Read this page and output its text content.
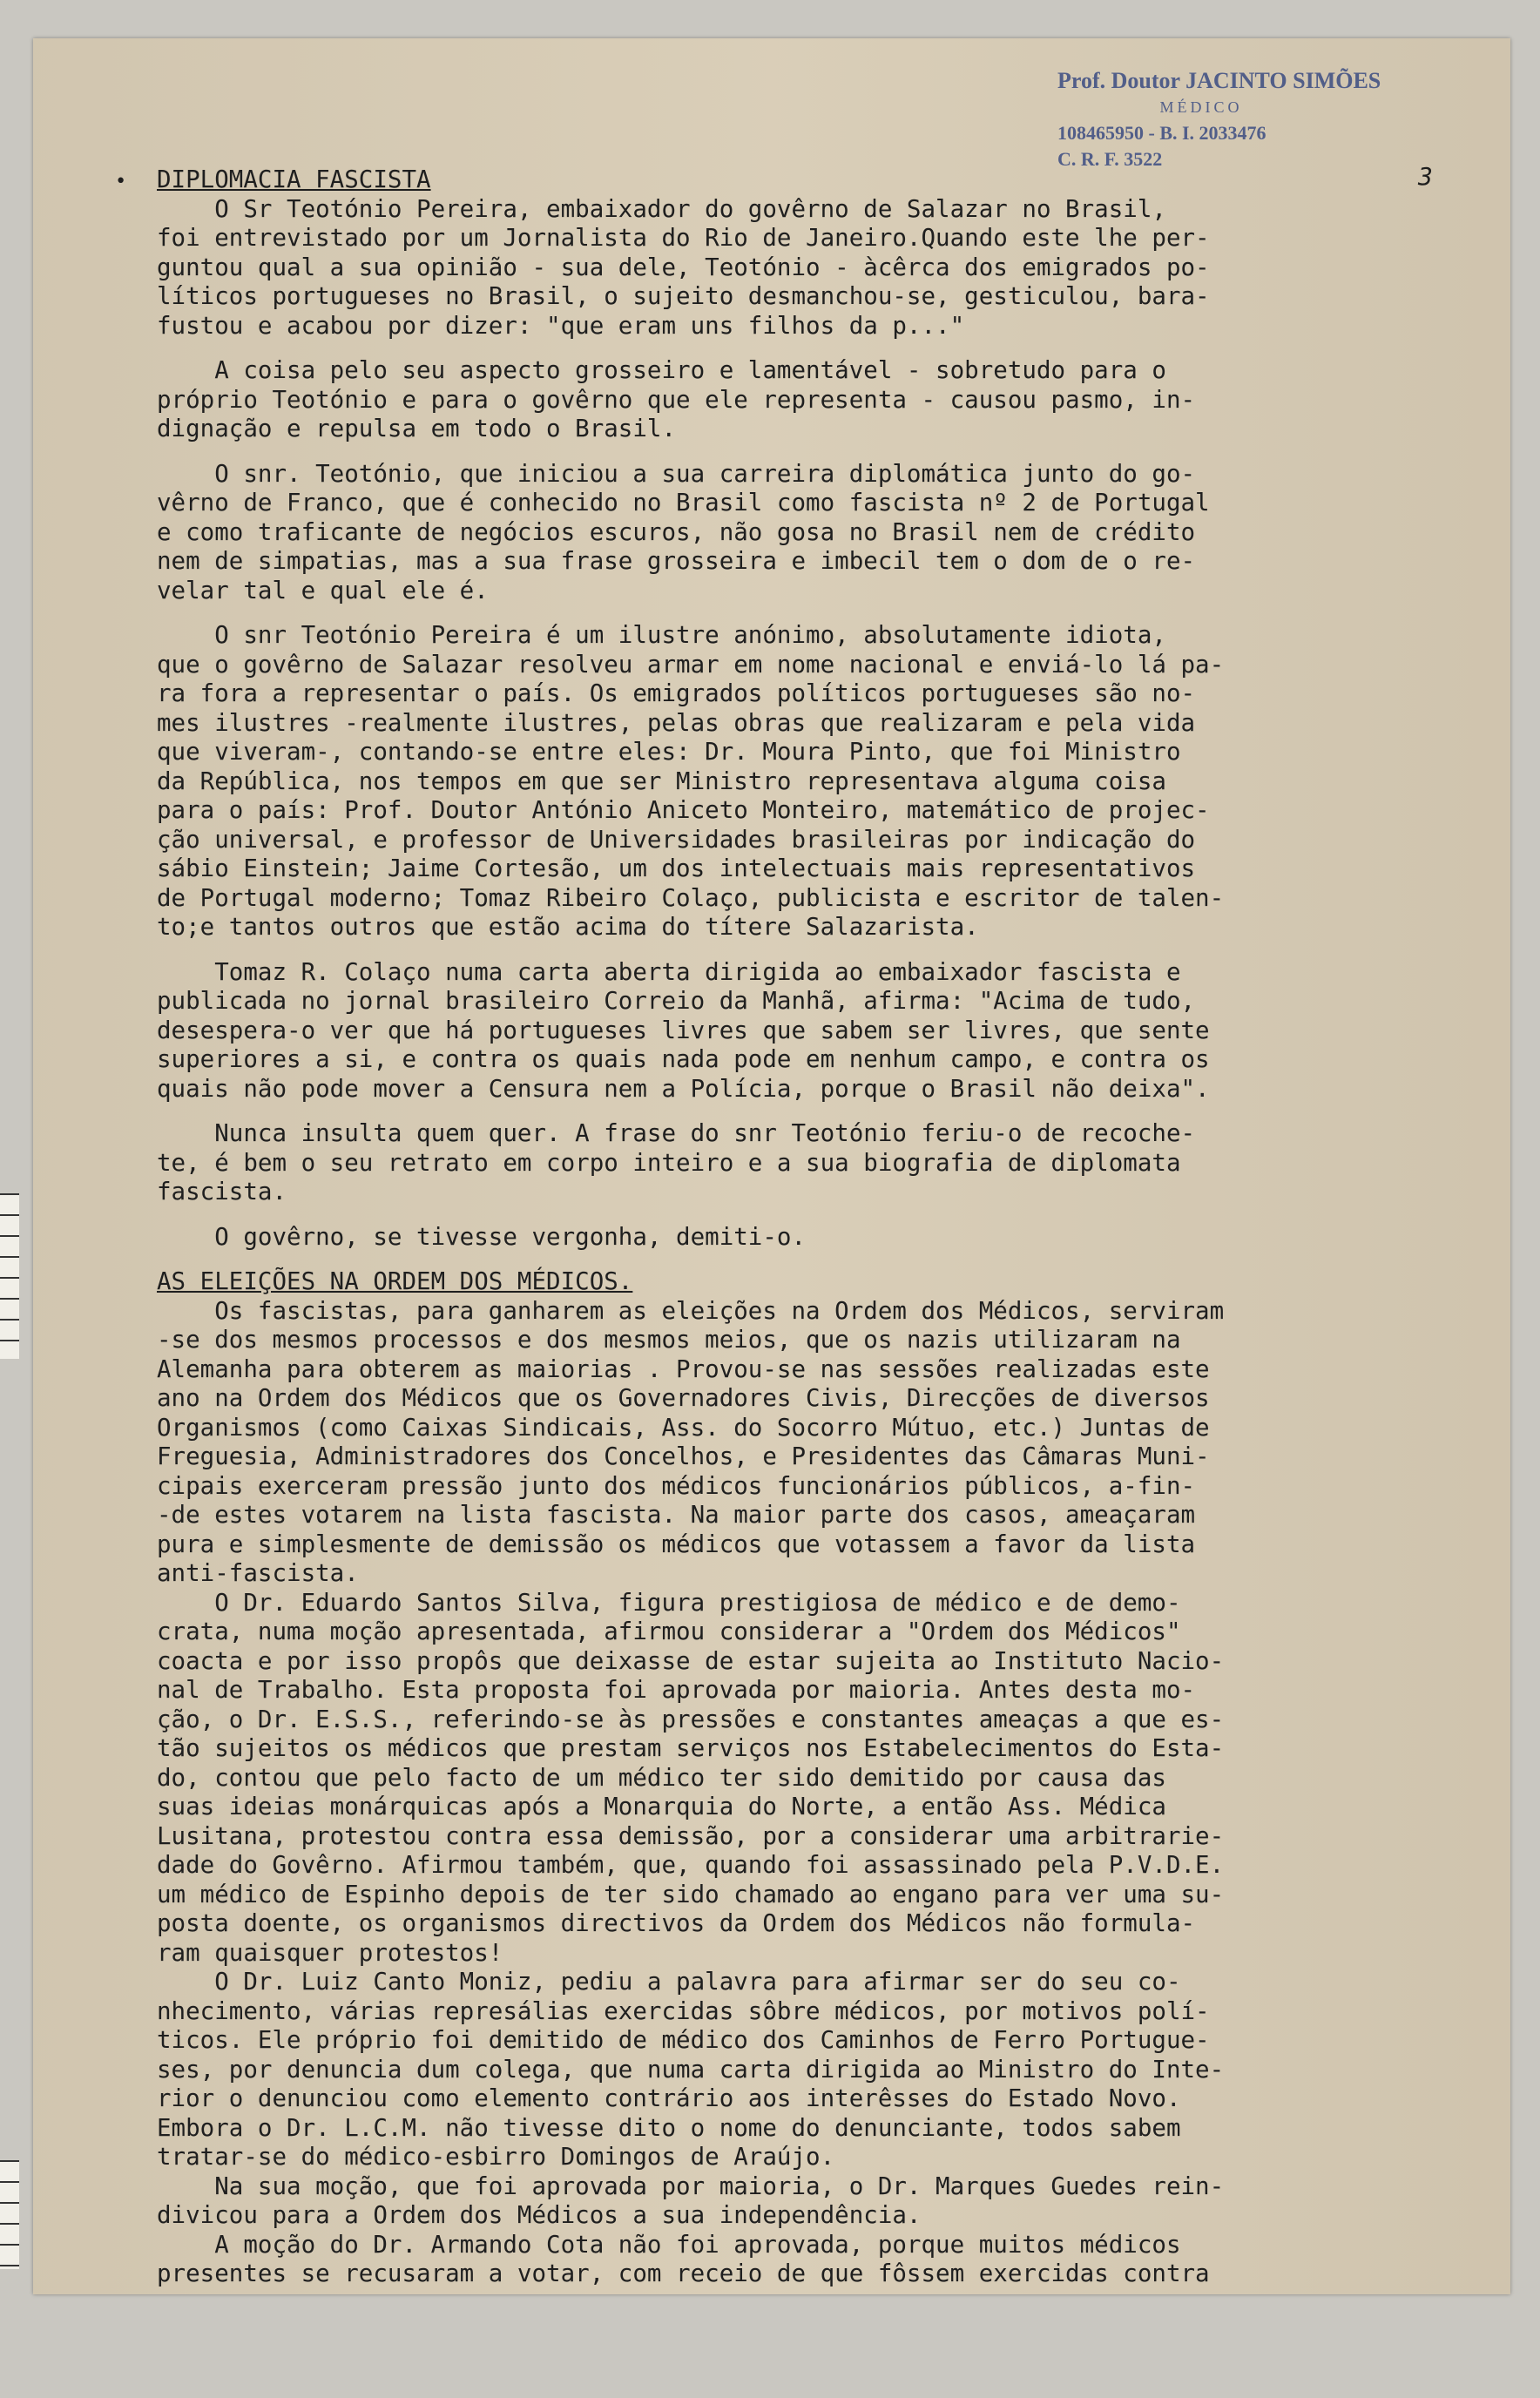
Prof. Doutor JACINTO SIMÕES
MÉDICO
108465950 - B. I. 2033476
C. R. F. 3522
•	3
DIPLOMACIA FASCISTA

O Sr Teotónio Pereira, embaixador do govêrno de Salazar no Brasil,
foi entrevistado por um Jornalista do Rio de Janeiro.Quando este lhe per-
guntou qual a sua opinião - sua dele, Teotónio - àcêrca dos emigrados po-
líticos portugueses no Brasil, o sujeito desmanchou-se, gesticulou, bara-
fustou e acabou por dizer: "que eram uns filhos da p..."

A coisa pelo seu aspecto grosseiro e lamentável - sobretudo para o
próprio Teotónio e para o govêrno que ele representa - causou pasmo, in-
dignação e repulsa em todo o Brasil.

O snr. Teotónio, que iniciou a sua carreira diplomática junto do go-
vêrno de Franco, que é conhecido no Brasil como fascista nº 2 de Portugal
e como traficante de negócios escuros, não gosa no Brasil nem de crédito
nem de simpatias, mas a sua frase grosseira e imbecil tem o dom de o re-
velar tal e qual ele é.

O snr Teotónio Pereira é um ilustre anónimo, absolutamente idiota,
que o govêrno de Salazar resolveu armar em nome nacional e enviá-lo lá pa-
ra fora a representar o país. Os emigrados políticos portugueses são no-
mes ilustres -realmente ilustres, pelas obras que realizaram e pela vida
que viveram-, contando-se entre eles: Dr. Moura Pinto, que foi Ministro
da República, nos tempos em que ser Ministro representava alguma coisa
para o país: Prof. Doutor António Aniceto Monteiro, matemático de projec-
ção universal, e professor de Universidades brasileiras por indicação do
sábio Einstein; Jaime Cortesão, um dos intelectuais mais representativos
de Portugal moderno; Tomaz Ribeiro Colaço, publicista e escritor de talen-
to;e tantos outros que estão acima do títere Salazarista.

Tomaz R. Colaço numa carta aberta dirigida ao embaixador fascista e
publicada no jornal brasileiro Correio da Manhã, afirma: "Acima de tudo,
desespera-o ver que há portugueses livres que sabem ser livres, que sente
superiores a si, e contra os quais nada pode em nenhum campo, e contra os
quais não pode mover a Censura nem a Polícia, porque o Brasil não deixa".

Nunca insulta quem quer. A frase do snr Teotónio feriu-o de recoche-
te, é bem o seu retrato em corpo inteiro e a sua biografia de diplomata
fascista.

O govêrno, se tivesse vergonha, demiti-o.

AS ELEIÇÕES NA ORDEM DOS MÉDICOS.

Os fascistas, para ganharem as eleições na Ordem dos Médicos, serviram
-se dos mesmos processos e dos mesmos meios, que os nazis utilizaram na
Alemanha para obterem as maiorias . Provou-se nas sessões realizadas este
ano na Ordem dos Médicos que os Governadores Civis, Direcções de diversos
Organismos (como Caixas Sindicais, Ass. do Socorro Mútuo, etc.) Juntas de
Freguesia, Administradores dos Concelhos, e Presidentes das Câmaras Muni-
cipais exerceram pressão junto dos médicos funcionários públicos, a-fin-
-de estes votarem na lista fascista. Na maior parte dos casos, ameaçaram
pura e simplesmente de demissão os médicos que votassem a favor da lista
anti-fascista.

O Dr. Eduardo Santos Silva, figura prestigiosa de médico e de demo-
crata, numa moção apresentada, afirmou considerar a "Ordem dos Médicos"
coacta e por isso propôs que deixasse de estar sujeita ao Instituto Nacio-
nal de Trabalho. Esta proposta foi aprovada por maioria. Antes desta mo-
ção, o Dr. E.S.S., referindo-se às pressões e constantes ameaças a que es-
tão sujeitos os médicos que prestam serviços nos Estabelecimentos do Esta-
do, contou que pelo facto de um médico ter sido demitido por causa das
suas ideias monárquicas após a Monarquia do Norte, a então Ass. Médica
Lusitana, protestou contra essa demissão, por a considerar uma arbitrarie-
dade do Govêrno. Afirmou também, que, quando foi assassinado pela P.V.D.E.
um médico de Espinho depois de ter sido chamado ao engano para ver uma su-
posta doente, os organismos directivos da Ordem dos Médicos não formula-
ram quaisquer protestos!

O Dr. Luiz Canto Moniz, pediu a palavra para afirmar ser do seu co-
nhecimento, várias represálias exercidas sôbre médicos, por motivos polí-
ticos. Ele próprio foi demitido de médico dos Caminhos de Ferro Portugue-
ses, por denuncia dum colega, que numa carta dirigida ao Ministro do Inte-
rior o denunciou como elemento contrário aos interêsses do Estado Novo.
Embora o Dr. L.C.M. não tivesse dito o nome do denunciante, todos sabem
tratar-se do médico-esbirro Domingos de Araújo.

Na sua moção, que foi aprovada por maioria, o Dr. Marques Guedes rein-
divicou para a Ordem dos Médicos a sua independência.

A moção do Dr. Armando Cota não foi aprovada, porque muitos médicos
presentes se recusaram a votar, com receio de que fôssem exercidas contra
